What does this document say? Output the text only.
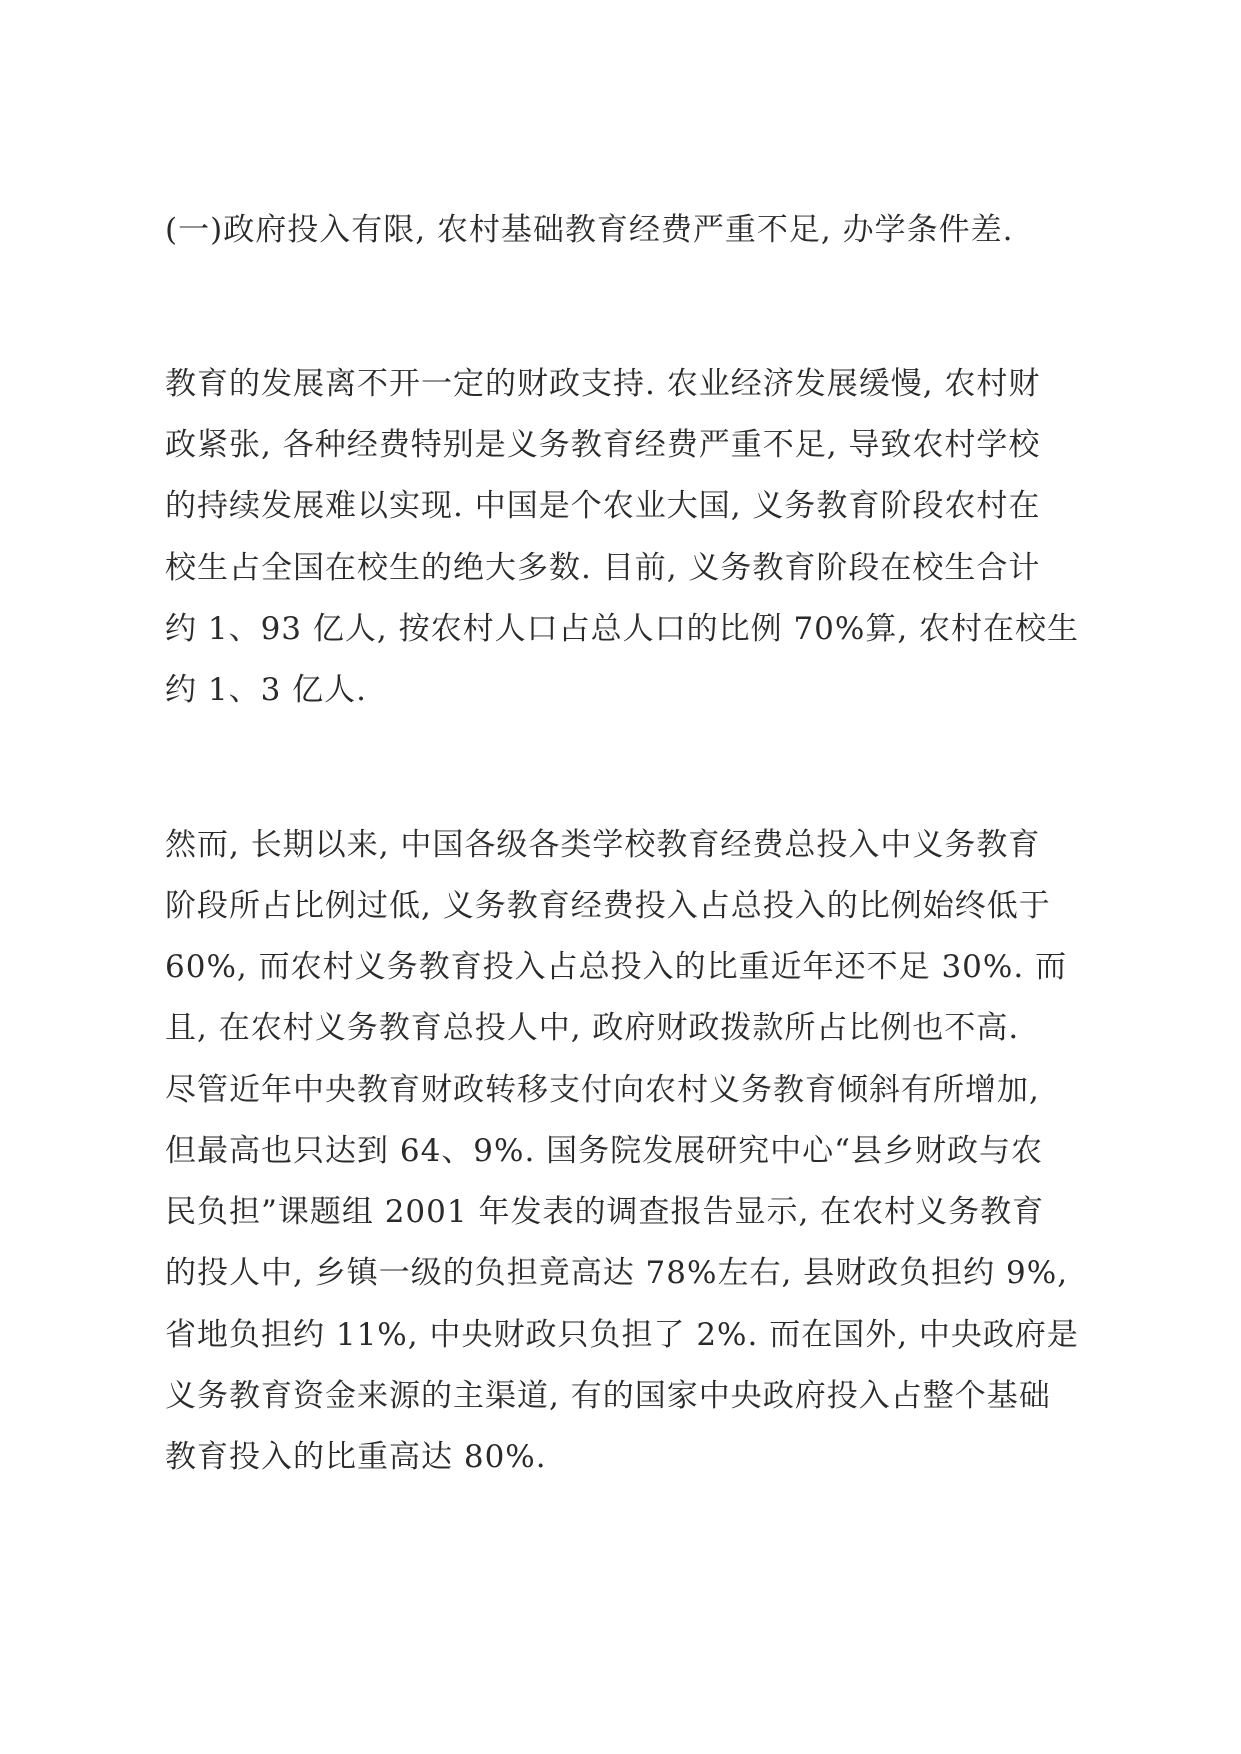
(一)政府投入有限, 农村基础教育经费严重不足, 办学条件差.
教育的发展离不开一定的财政支持. 农业经济发展缓慢, 农村财
政紧张, 各种经费特别是义务教育经费严重不足, 导致农村学校
的持续发展难以实现. 中国是个农业大国, 义务教育阶段农村在
校生占全国在校生的绝大多数. 目前, 义务教育阶段在校生合计
约 1、93 亿人, 按农村人口占总人口的比例 70%算, 农村在校生
约 1、3 亿人.
然而, 长期以来, 中国各级各类学校教育经费总投入中义务教育
阶段所占比例过低, 义务教育经费投入占总投入的比例始终低于
60%, 而农村义务教育投入占总投入的比重近年还不足 30%. 而
且, 在农村义务教育总投人中, 政府财政拨款所占比例也不高.
尽管近年中央教育财政转移支付向农村义务教育倾斜有所增加,
但最高也只达到 64、9%. 国务院发展研究中心“县乡财政与农
民负担”课题组 2001 年发表的调查报告显示, 在农村义务教育
的投人中, 乡镇一级的负担竟高达 78%左右, 县财政负担约 9%,
省地负担约 11%, 中央财政只负担了 2%. 而在国外, 中央政府是
义务教育资金来源的主渠道, 有的国家中央政府投入占整个基础
教育投入的比重高达 80%.
